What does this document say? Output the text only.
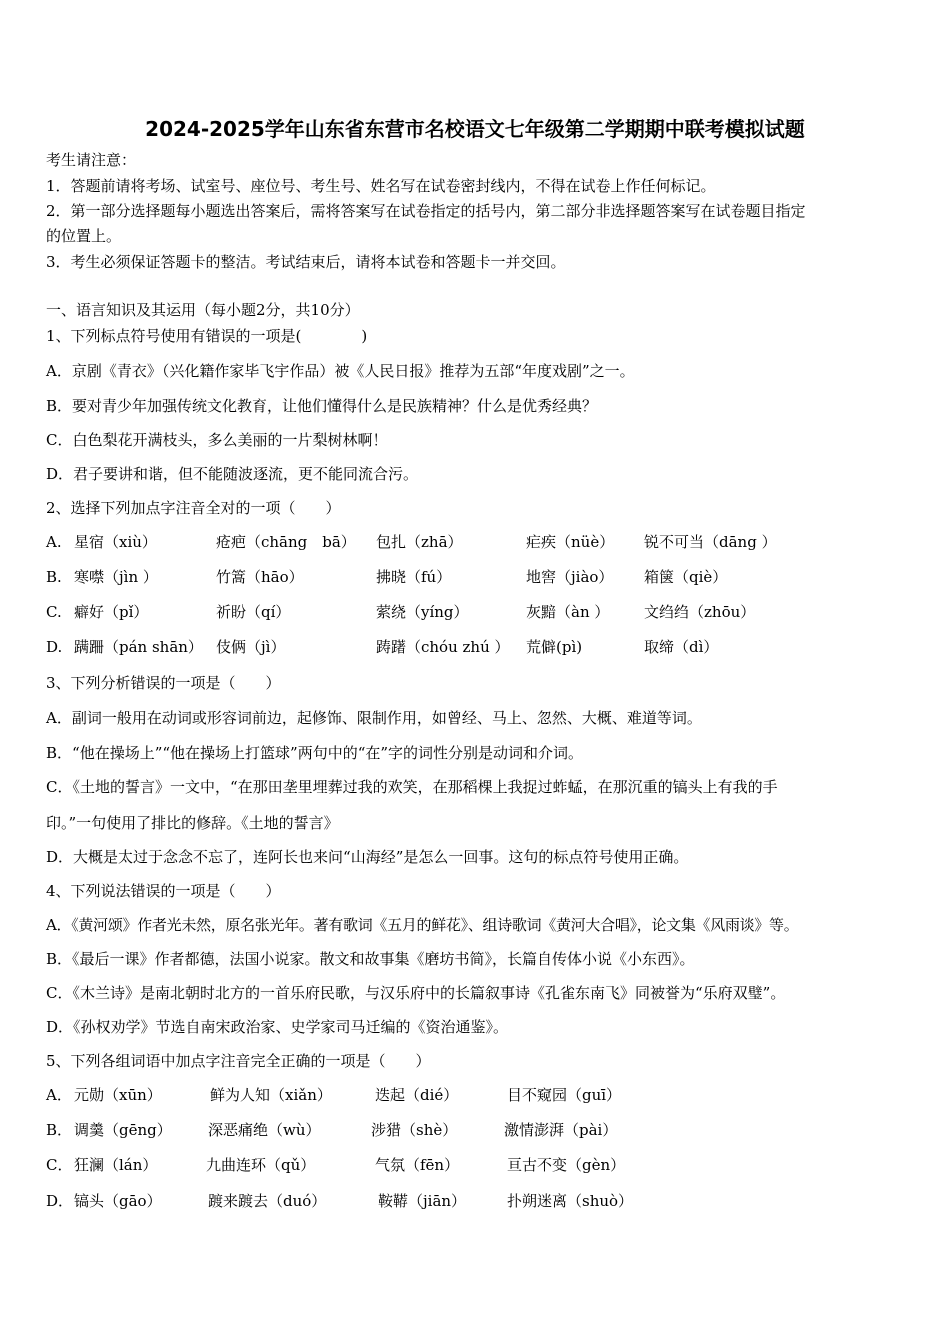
2024-2025学年山东省东营市名校语文七年级第二学期期中联考模拟试题
考生请注意：
1．答题前请将考场、试室号、座位号、考生号、姓名写在试卷密封线内，不得在试卷上作任何标记。
2．第一部分选择题每小题选出答案后，需将答案写在试卷指定的括号内，第二部分非选择题答案写在试卷题目指定
的位置上。
3．考生必须保证答题卡的整洁。考试结束后，请将本试卷和答题卡一并交回。
一、语言知识及其运用（每小题2分，共10分）
1、下列标点符号使用有错误的一项是(　　　　)
A．京剧《青衣》（兴化籍作家毕飞宇作品）被《人民日报》推荐为五部“年度戏剧”之一。
B．要对青少年加强传统文化教育，让他们懂得什么是民族精神？什么是优秀经典？
C．白色梨花开满枝头，多么美丽的一片梨树林啊！
D．君子要讲和谐，但不能随波逐流，更不能同流合污。
2、选择下列加点字注音全对的一项（　　）
A. 星宿（xiù）	疮疤（chāng　bā） 包扎（zhā）	疟疾（nüè） 锐不可当（dāng ）
B. 寒噤（jìn ）	竹篙（hāo）	拂晓（fú）	地窖（jiào） 箱箧（qiè）
C. 癖好（pǐ）	祈盼（qí）	萦绕（yíng）	灰黯（àn ） 文绉绉（zhōu）
D. 蹒跚（pán shān） 伎俩（jì）	踌躇（chóu zhú ） 荒僻(pì)	取缔（dì）
3、下列分析错误的一项是（　　）
A．副词一般用在动词或形容词前边，起修饰、限制作用，如曾经、马上、忽然、大概、难道等词。
B．“他在操场上”“他在操场上打篮球”两句中的“在”字的词性分别是动词和介词。
C．《土地的誓言》一文中，“在那田垄里埋葬过我的欢笑，在那稻棵上我捉过蚱蜢，在那沉重的镐头上有我的手
印。”一句使用了排比的修辞。《土地的誓言》
D．大概是太过于念念不忘了，连阿长也来问“山海经”是怎么一回事。这句的标点符号使用正确。
4、下列说法错误的一项是（　　）
A．《黄河颂》作者光未然，原名张光年。著有歌词《五月的鲜花》、组诗歌词《黄河大合唱》，论文集《风雨谈》等。
B．《最后一课》作者都德，法国小说家。散文和故事集《磨坊书简》，长篇自传体小说《小东西》。
C．《木兰诗》是南北朝时北方的一首乐府民歌，与汉乐府中的长篇叙事诗《孔雀东南飞》同被誉为“乐府双璧”。
D．《孙权劝学》节选自南宋政治家、史学家司马迁编的《资治通鉴》。
5、下列各组词语中加点字注音完全正确的一项是（　　）
A． 元勋（xūn）	鲜为人知（xiǎn）	迭起（dié）	目不窥园（guī）
B． 调羹（gēng） 深恶痛绝（wù）	涉猎（shè）	激情澎湃（pài）
C． 狂澜（lán）	九曲连环（qǔ）	气氛（fēn）	亘古不变（gèn）
D． 镐头（gāo）	踱来踱去（duó）	鞍鞯（jiān）	扑朔迷离（shuò）
